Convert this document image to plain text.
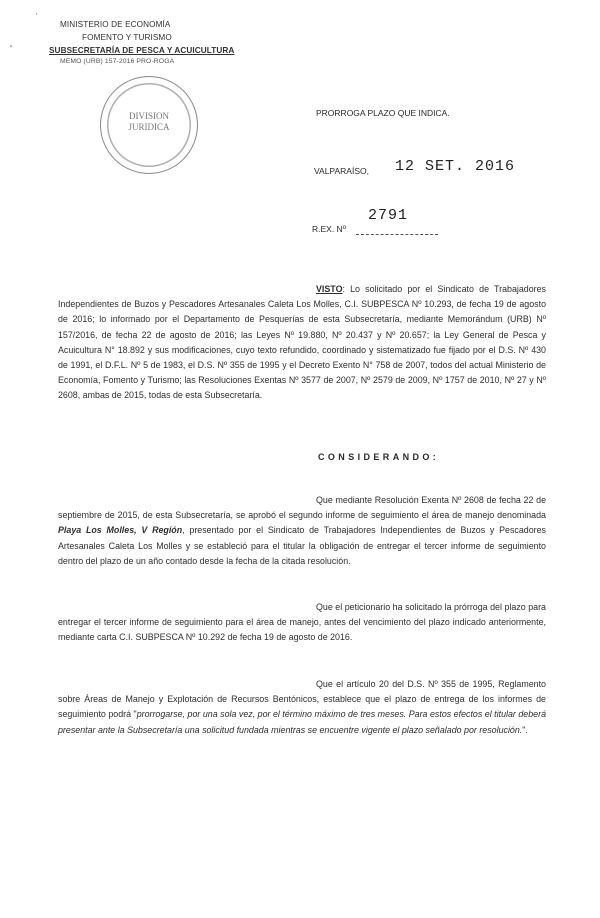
'
'
MINISTERIO DE ECONOMÍA
FOMENTO Y TURISMO
SUBSECRETARÍA DE PESCA Y ACUICULTURA
MEMO (URB) 157-2016 PRO-ROGA
DIVISION
JURIDICA
PRORROGA PLAZO QUE INDICA.
VALPARAÍSO, 12 SET. 2016
2791
R.EX. Nº
VISTO: Lo solicitado por el Sindicato de Trabajadores Independientes de Buzos y Pescadores Artesanales Caleta Los Molles, C.I. SUBPESCA Nº 10.293, de fecha 19 de agosto de 2016; lo informado por el Departamento de Pesquerías de esta Subsecretaría, mediante Memorándum (URB) Nº 157/2016, de fecha 22 de agosto de 2016; las Leyes Nº 19.880, Nº 20.437 y Nº 20.657; la Ley General de Pesca y Acuicultura N° 18.892 y sus modificaciones, cuyo texto refundido, coordinado y sistematizado fue fijado por el D.S. Nº 430 de 1991, el D.F.L. Nº 5 de 1983, el D.S. Nº 355 de 1995 y el Decreto Exento N° 758 de 2007, todos del actual Ministerio de Economía, Fomento y Turismo; las Resoluciones Exentas Nº 3577 de 2007, Nº 2579 de 2009, Nº 1757 de 2010, Nº 27 y Nº 2608, ambas de 2015, todas de esta Subsecretaría.
CONSIDERANDO:
Que mediante Resolución Exenta Nº 2608 de fecha 22 de septiembre de 2015, de esta Subsecretaría, se aprobó el segundo informe de seguimiento el área de manejo denominada Playa Los Molles, V Región, presentado por el Sindicato de Trabajadores Independientes de Buzos y Pescadores Artesanales Caleta Los Molles y se estableció para el titular la obligación de entregar el tercer informe de seguimiento dentro del plazo de un año contado desde la fecha de la citada resolución.
Que el peticionario ha solicitado la prórroga del plazo para entregar el tercer informe de seguimiento para el área de manejo, antes del vencimiento del plazo indicado anteriormente, mediante carta C.I. SUBPESCA Nº 10.292 de fecha 19 de agosto de 2016.
Que el artículo 20 del D.S. Nº 355 de 1995, Reglamento sobre Áreas de Manejo y Explotación de Recursos Bentónicos, establece que el plazo de entrega de los informes de seguimiento podrá "prorrogarse, por una sola vez, por el término máximo de tres meses. Para estos efectos el titular deberá presentar ante la Subsecretaría una solicitud fundada mientras se encuentre vigente el plazo señalado por resolución.".
